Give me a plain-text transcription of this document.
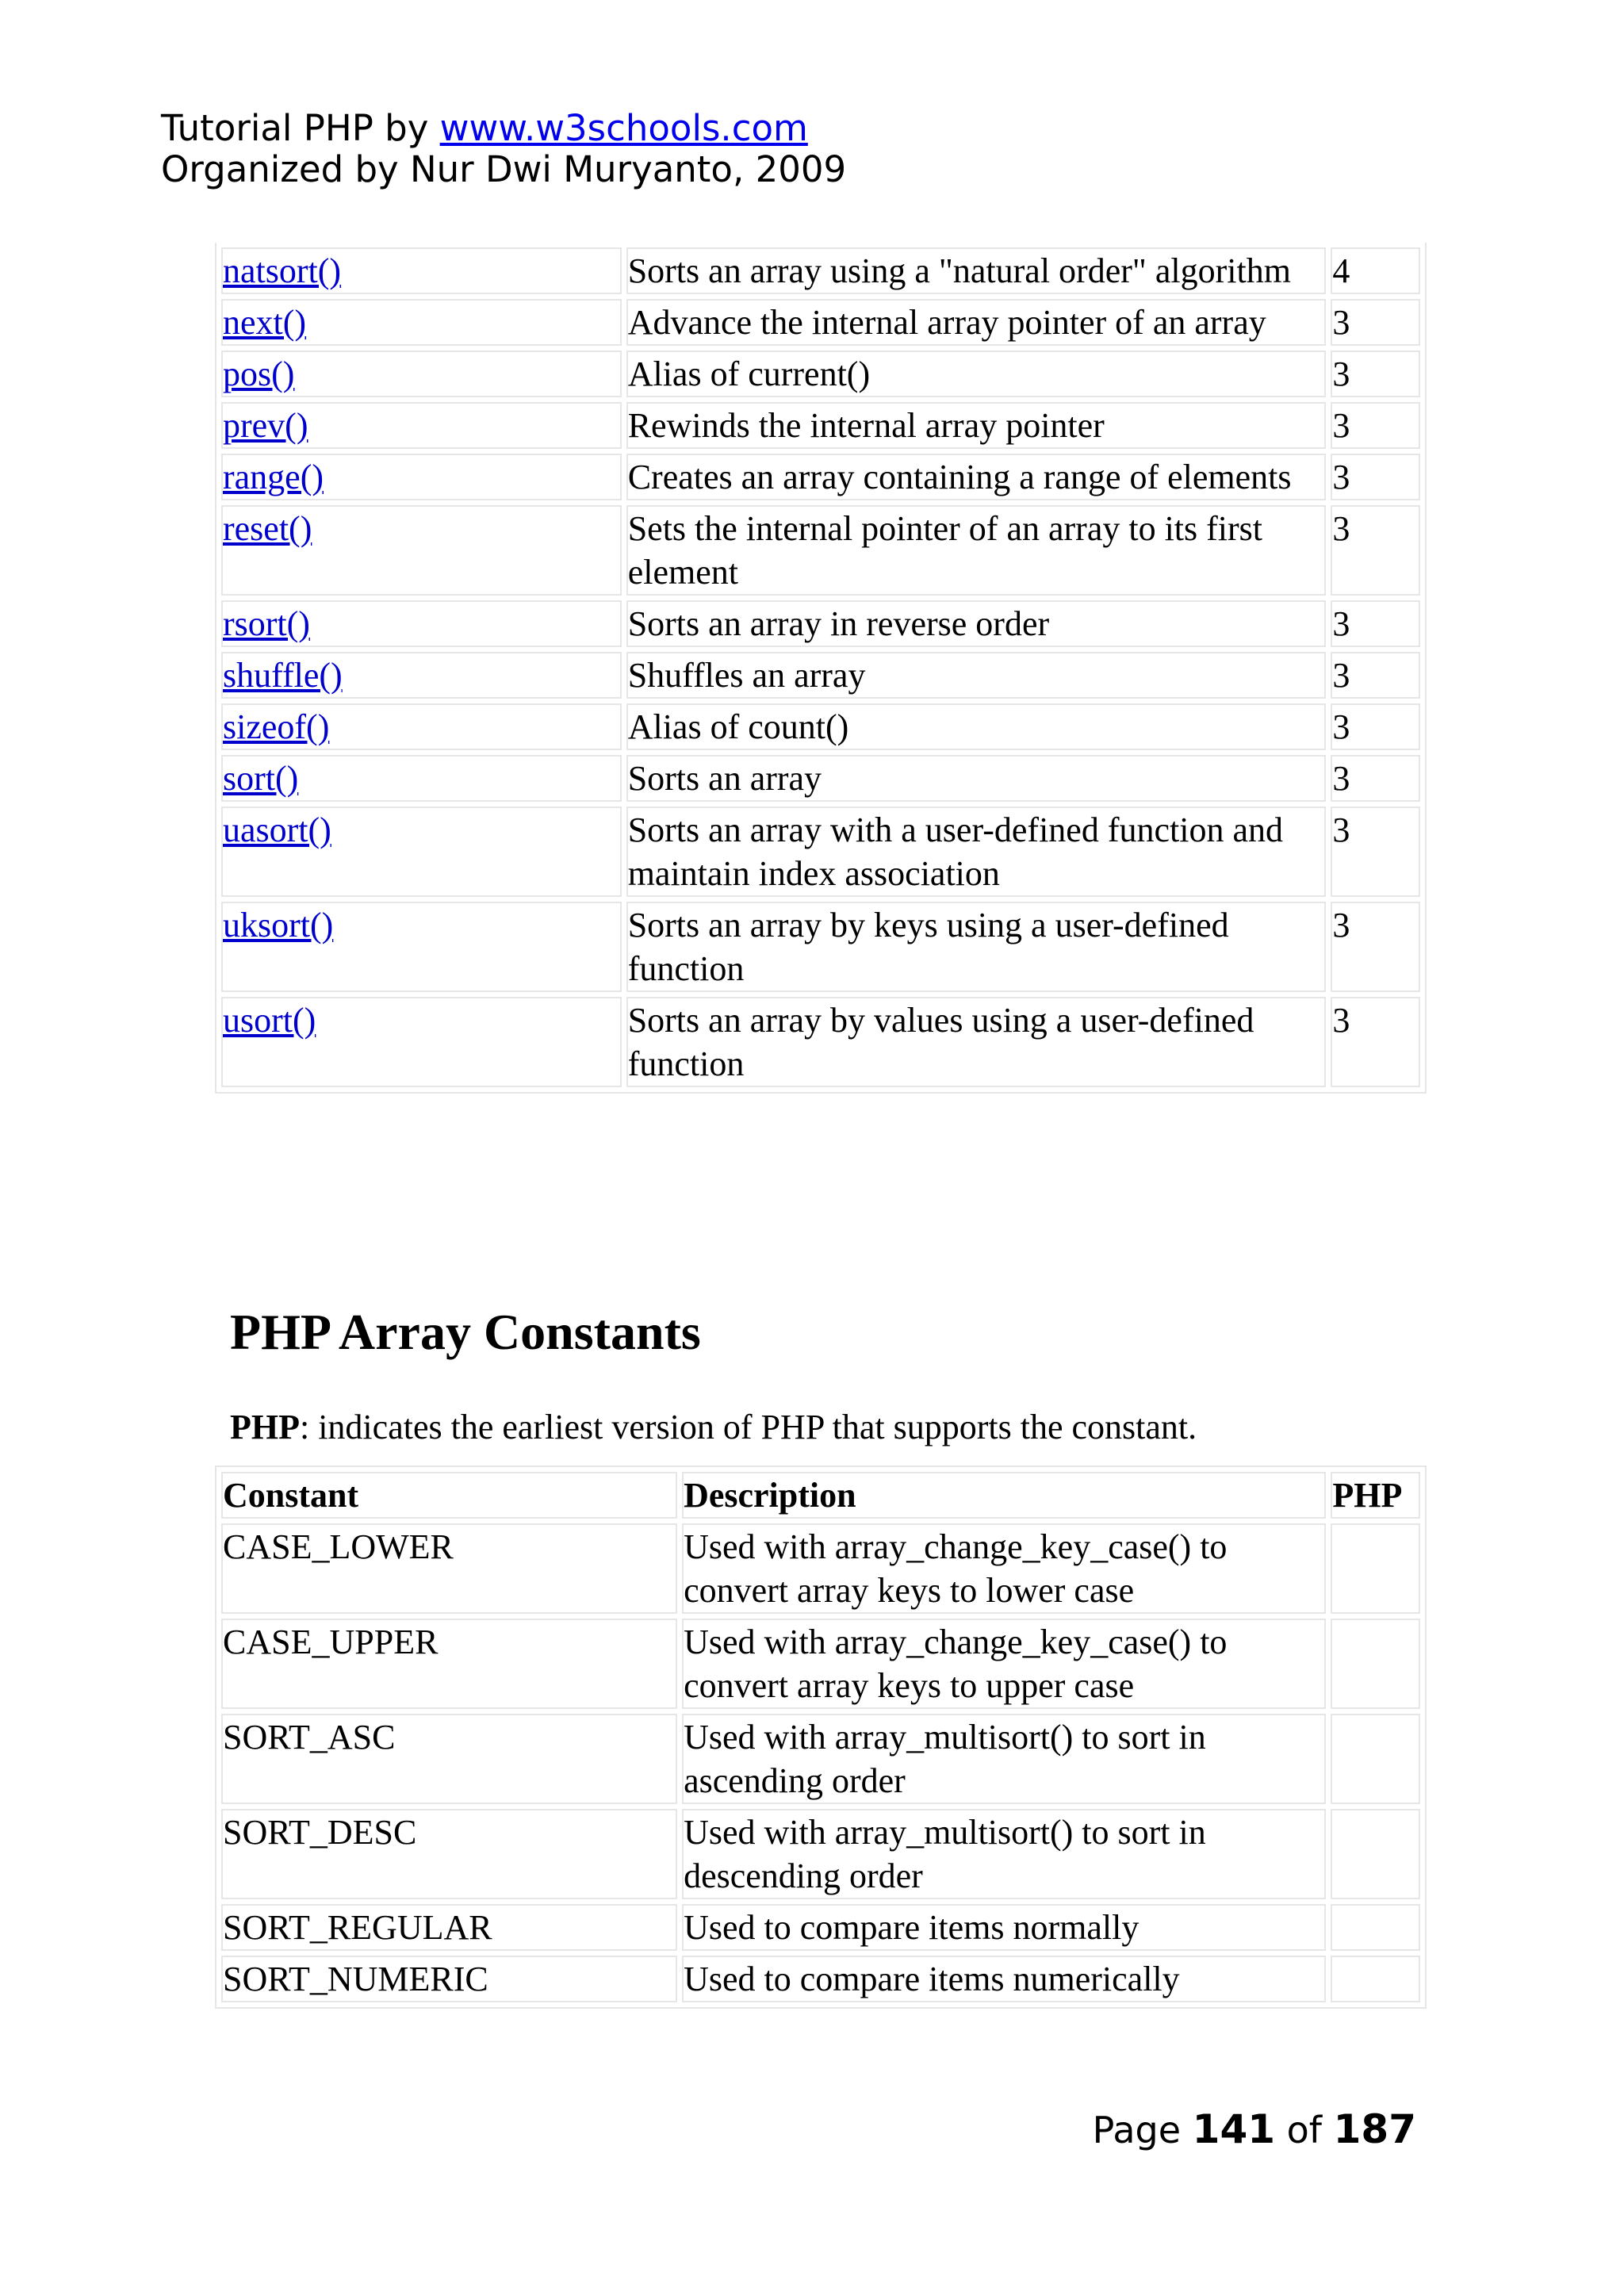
Tutorial PHP by www.w3schools.com
Organized by Nur Dwi Muryanto, 2009
natsort()	Sorts an array using a "natural order" algorithm	4
next()	Advance the internal array pointer of an array	3
pos()	Alias of current()	3
prev()	Rewinds the internal array pointer	3
range()	Creates an array containing a range of elements	3
reset()	Sets the internal pointer of an array to its first element	3
rsort()	Sorts an array in reverse order	3
shuffle()	Shuffles an array	3
sizeof()	Alias of count()	3
sort()	Sorts an array	3
uasort()	Sorts an array with a user-defined function and maintain index association	3
uksort()	Sorts an array by keys using a user-defined function	3
usort()	Sorts an array by values using a user-defined function	3
PHP Array Constants

PHP: indicates the earliest version of PHP that supports the constant.

Constant	Description	PHP
CASE_LOWER	Used with array_change_key_case() to convert array keys to lower case	
CASE_UPPER	Used with array_change_key_case() to convert array keys to upper case	
SORT_ASC	Used with array_multisort() to sort in ascending order	
SORT_DESC	Used with array_multisort() to sort in descending order	
SORT_REGULAR	Used to compare items normally	
SORT_NUMERIC	Used to compare items numerically	
Page 141 of 187
